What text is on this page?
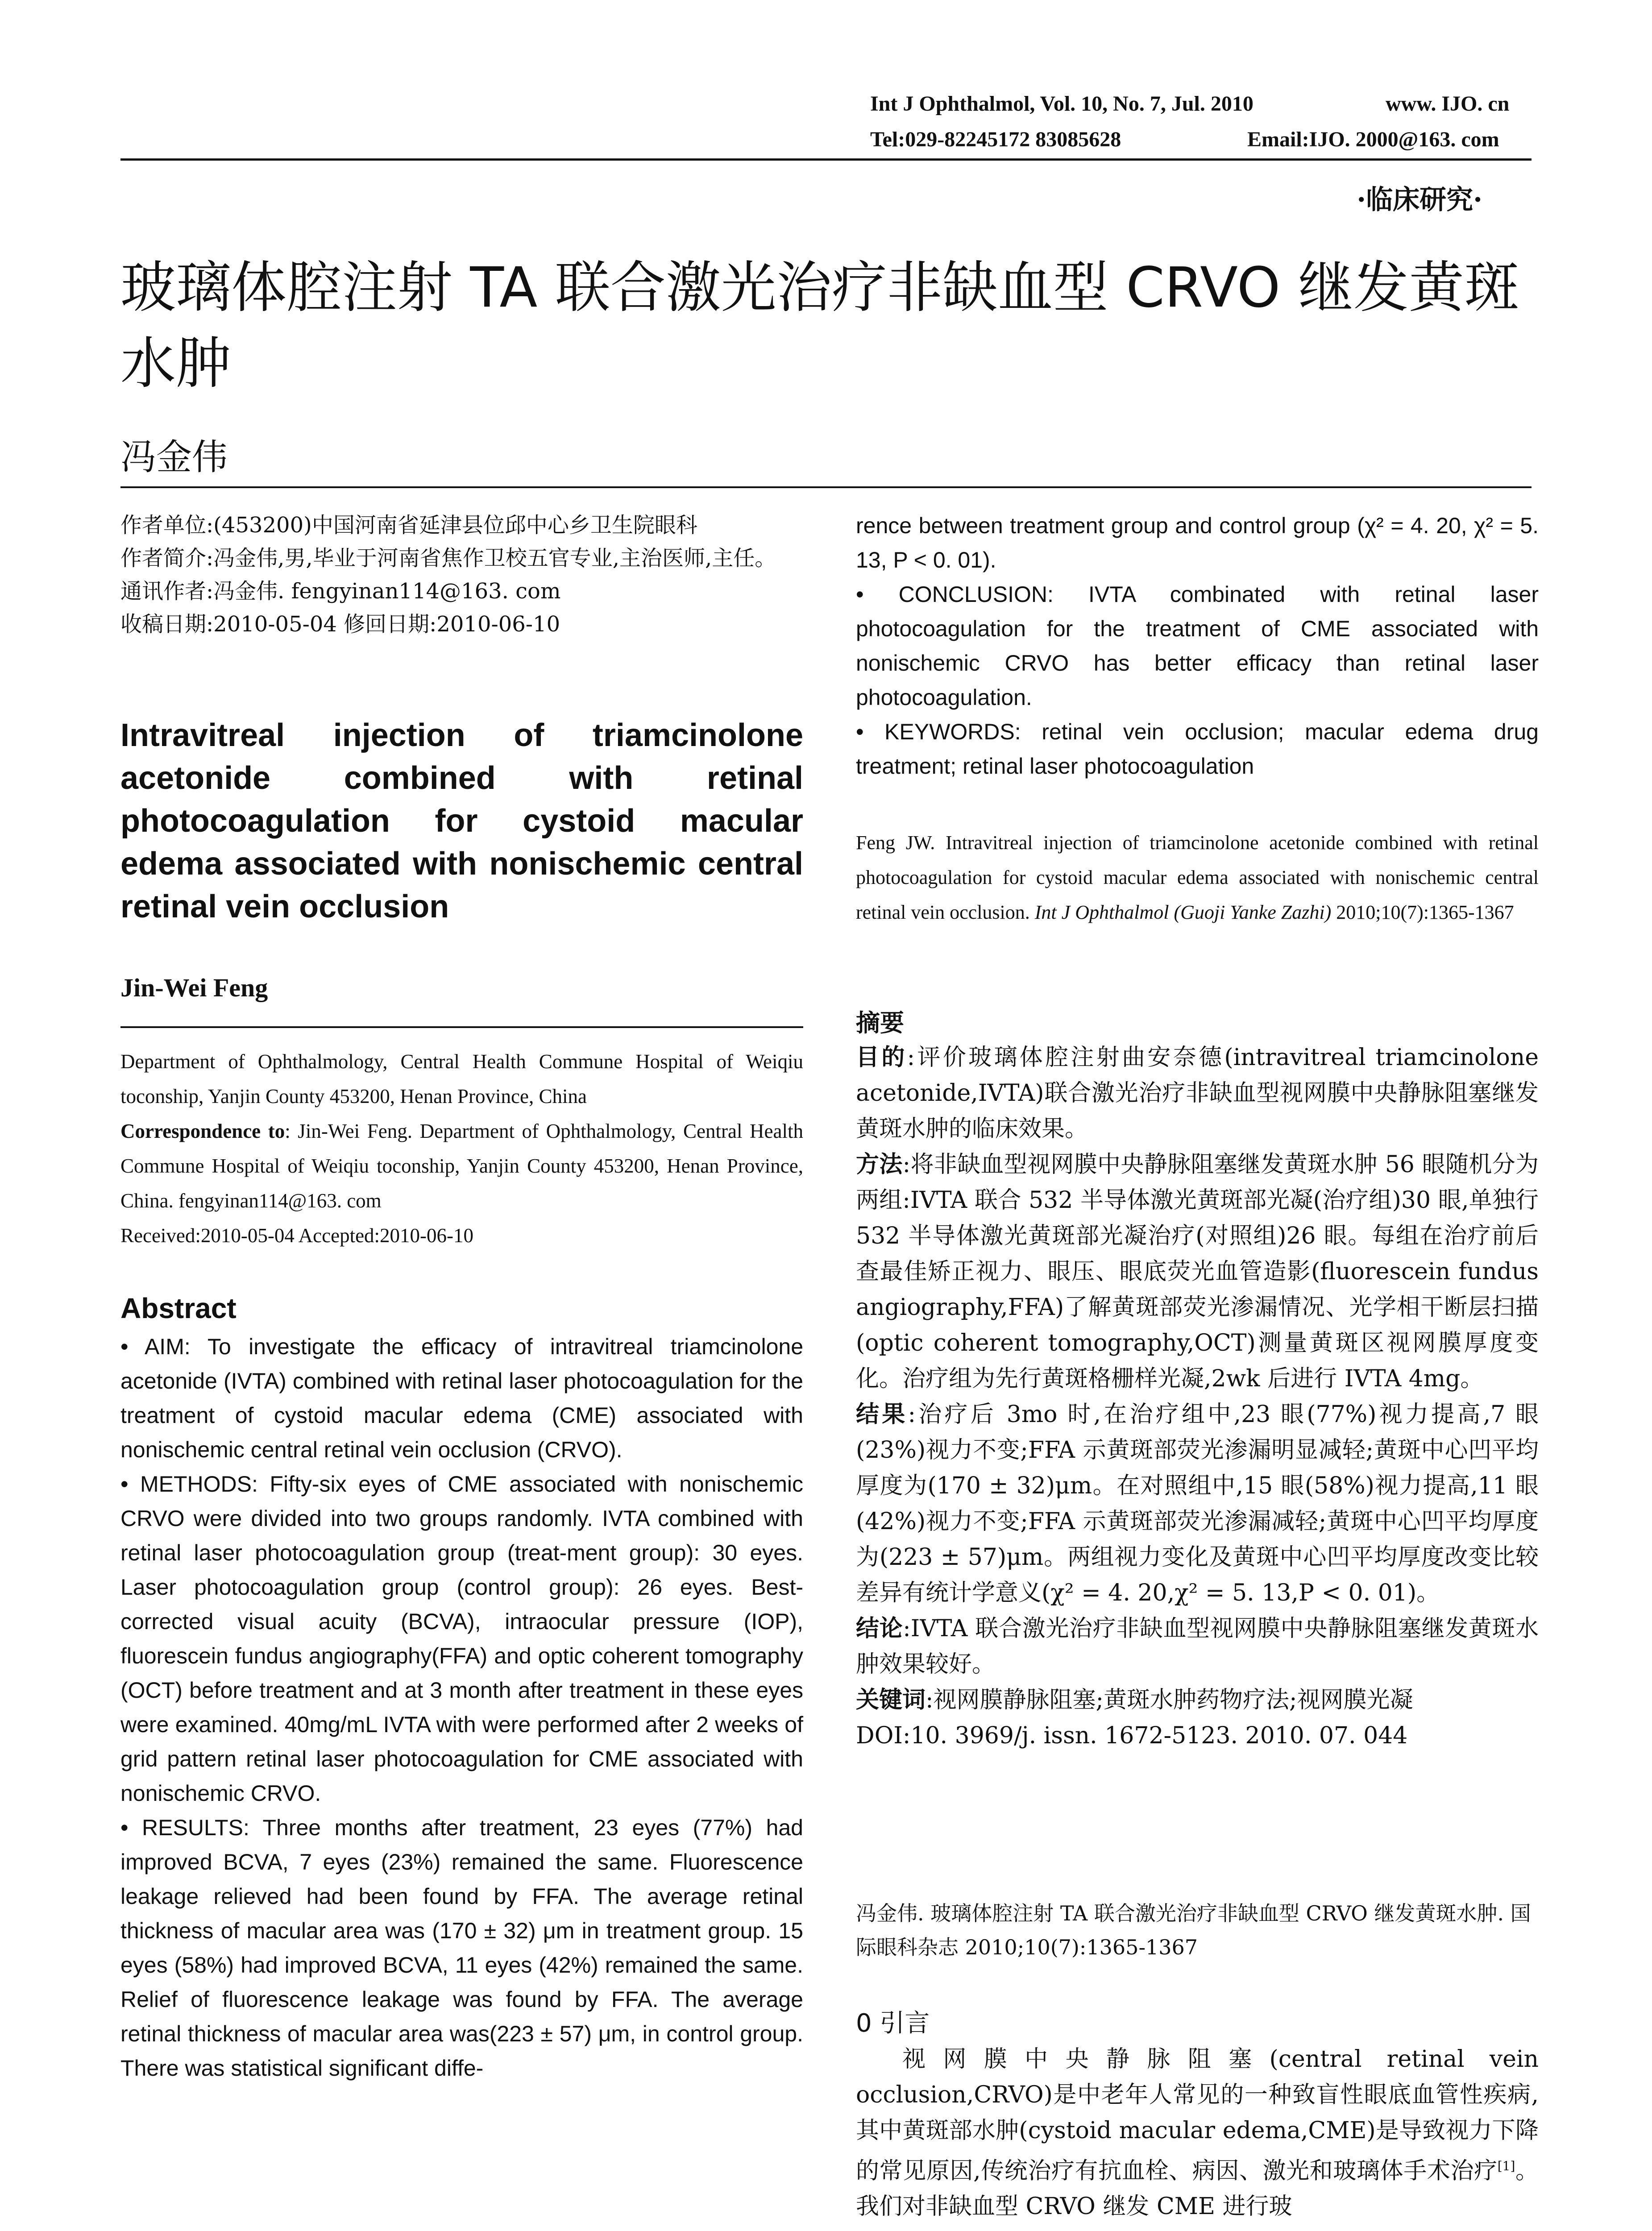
Int J Ophthalmol, Vol. 10, No. 7, Jul. 2010	www. IJO. cn
Tel:029-82245172 83085628	Email:IJO. 2000@163. com
·临床研究·
玻璃体腔注射 TA 联合激光治疗非缺血型 CRVO 继发黄斑水肿
冯金伟

作者单位:(453200)中国河南省延津县位邱中心乡卫生院眼科

作者简介:冯金伟,男,毕业于河南省焦作卫校五官专业,主治医师,主任。

通讯作者:冯金伟. fengyinan114@163. com

收稿日期:2010-05-04 修回日期:2010-06-10

Intravitreal injection of triamcinolone acetonide combined with retinal photocoagulation for cystoid macular edema associated with nonischemic central retinal vein occlusion
Jin-Wei Feng

Department of Ophthalmology, Central Health Commune Hospital of Weiqiu toconship, Yanjin County 453200, Henan Province, China

Correspondence to: Jin-Wei Feng. Department of Ophthalmology, Central Health Commune Hospital of Weiqiu toconship, Yanjin County 453200, Henan Province, China. fengyinan114@163. com

Received:2010-05-04 Accepted:2010-06-10

Abstract

• AIM: To investigate the efficacy of intravitreal triamcinolone acetonide (IVTA) combined with retinal laser photocoagulation for the treatment of cystoid macular edema (CME) associated with nonischemic central retinal vein occlusion (CRVO).

• METHODS: Fifty-six eyes of CME associated with nonischemic CRVO were divided into two groups randomly. IVTA combined with retinal laser photocoagulation group (treat-ment group): 30 eyes. Laser photocoagulation group (control group): 26 eyes. Best-corrected visual acuity (BCVA), intraocular pressure (IOP), fluorescein fundus angiography(FFA) and optic coherent tomography (OCT) before treatment and at 3 month after treatment in these eyes were examined. 40mg/mL IVTA with were performed after 2 weeks of grid pattern retinal laser photocoagulation for CME associated with nonischemic CRVO.

• RESULTS: Three months after treatment, 23 eyes (77%) had improved BCVA, 7 eyes (23%) remained the same. Fluorescence leakage relieved had been found by FFA. The average retinal thickness of macular area was (170 ± 32) μm in treatment group. 15 eyes (58%) had improved BCVA, 11 eyes (42%) remained the same. Relief of fluorescence leakage was found by FFA. The average retinal thickness of macular area was(223 ± 57) μm, in control group. There was statistical significant diffe-

rence between treatment group and control group (χ² = 4. 20, χ² = 5. 13, P < 0. 01).

• CONCLUSION: IVTA combinated with retinal laser photocoagulation for the treatment of CME associated with nonischemic CRVO has better efficacy than retinal laser photocoagulation.

• KEYWORDS: retinal vein occlusion; macular edema drug treatment; retinal laser photocoagulation

Feng JW. Intravitreal injection of triamcinolone acetonide combined with retinal photocoagulation for cystoid macular edema associated with nonischemic central retinal vein occlusion. Int J Ophthalmol (Guoji Yanke Zazhi) 2010;10(7):1365-1367

摘要

目的:评价玻璃体腔注射曲安奈德(intravitreal triamcinolone acetonide,IVTA)联合激光治疗非缺血型视网膜中央静脉阻塞继发黄斑水肿的临床效果。

方法:将非缺血型视网膜中央静脉阻塞继发黄斑水肿 56 眼随机分为两组:IVTA 联合 532 半导体激光黄斑部光凝(治疗组)30 眼,单独行 532 半导体激光黄斑部光凝治疗(对照组)26 眼。每组在治疗前后查最佳矫正视力、眼压、眼底荧光血管造影(fluorescein fundus angiography,FFA)了解黄斑部荧光渗漏情况、光学相干断层扫描(optic coherent tomography,OCT)测量黄斑区视网膜厚度变化。治疗组为先行黄斑格栅样光凝,2wk 后进行 IVTA 4mg。

结果:治疗后 3mo 时,在治疗组中,23 眼(77%)视力提高,7 眼(23%)视力不变;FFA 示黄斑部荧光渗漏明显减轻;黄斑中心凹平均厚度为(170 ± 32)μm。在对照组中,15 眼(58%)视力提高,11 眼(42%)视力不变;FFA 示黄斑部荧光渗漏减轻;黄斑中心凹平均厚度为(223 ± 57)μm。两组视力变化及黄斑中心凹平均厚度改变比较差异有统计学意义(χ² = 4. 20,χ² = 5. 13,P < 0. 01)。

结论:IVTA 联合激光治疗非缺血型视网膜中央静脉阻塞继发黄斑水肿效果较好。

关键词:视网膜静脉阻塞;黄斑水肿药物疗法;视网膜光凝

DOI:10. 3969/j. issn. 1672-5123. 2010. 07. 044

冯金伟. 玻璃体腔注射 TA 联合激光治疗非缺血型 CRVO 继发黄斑水肿. 国际眼科杂志 2010;10(7):1365-1367

0 引言

视网膜中央静脉阻塞(central retinal vein occlusion,CRVO)是中老年人常见的一种致盲性眼底血管性疾病,其中黄斑部水肿(cystoid macular edema,CME)是导致视力下降的常见原因,传统治疗有抗血栓、病因、激光和玻璃体手术治疗[1]。我们对非缺血型 CRVO 继发 CME 进行玻
